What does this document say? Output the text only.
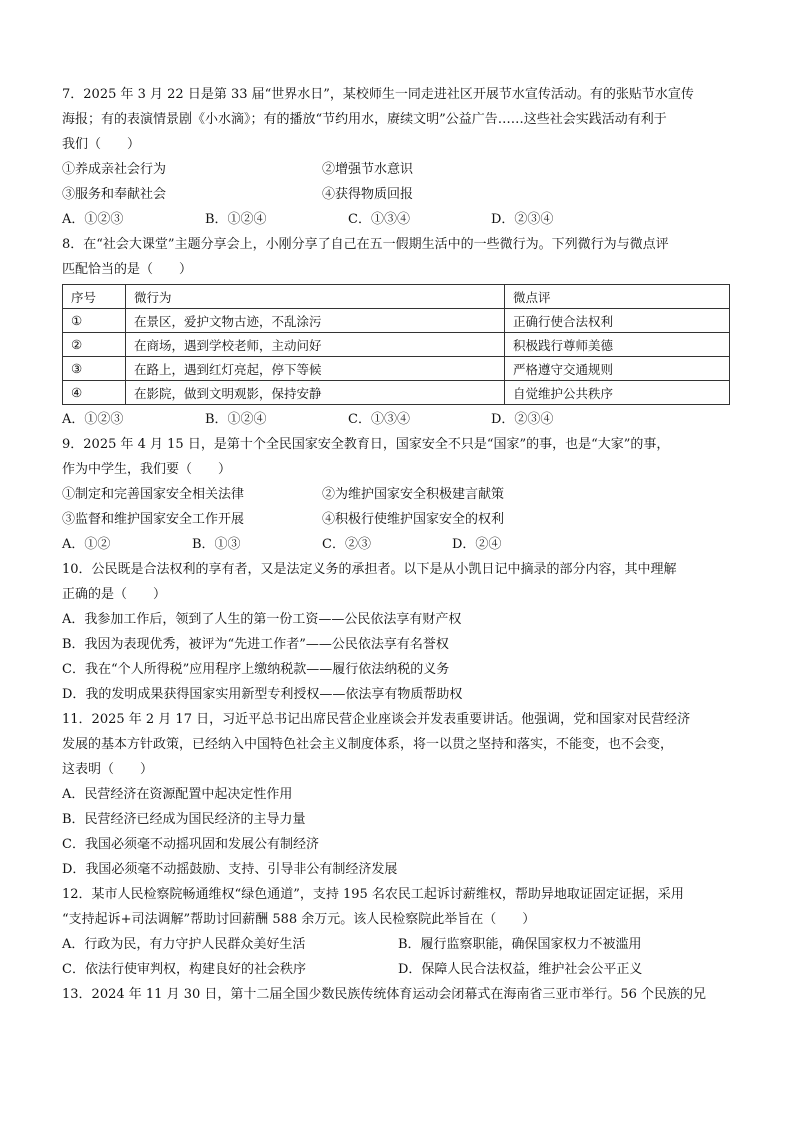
7．2025 年 3 月 22 日是第 33 届“世界水日”，某校师生一同走进社区开展节水宣传活动。有的张贴节水宣传
海报；有的表演情景剧《小水滴》；有的播放“节约用水，赓续文明”公益广告……这些社会实践活动有利于
我们（　　）
①养成亲社会行为	②增强节水意识
③服务和奉献社会	④获得物质回报
A．①②③	B．①②④	C．①③④	D．②③④
8．在“社会大课堂”主题分享会上，小刚分享了自己在五一假期生活中的一些微行为。下列微行为与微点评
匹配恰当的是（　　）
序号	微行为	微点评
①	在景区，爱护文物古迹，不乱涂污	正确行使合法权利
②	在商场，遇到学校老师，主动问好	积极践行尊师美德
③	在路上，遇到红灯亮起，停下等候	严格遵守交通规则
④	在影院，做到文明观影，保持安静	自觉维护公共秩序
A．①②③	B．①②④	C．①③④	D．②③④
9．2025 年 4 月 15 日，是第十个全民国家安全教育日，国家安全不只是“国家”的事，也是“大家”的事，
作为中学生，我们要（　　）
①制定和完善国家安全相关法律	②为维护国家安全积极建言献策
③监督和维护国家安全工作开展	④积极行使维护国家安全的权利
A．①②	B．①③	C．②③	D．②④
10．公民既是合法权利的享有者，又是法定义务的承担者。以下是从小凯日记中摘录的部分内容，其中理解
正确的是（　　）
A．我参加工作后，领到了人生的第一份工资——公民依法享有财产权
B．我因为表现优秀，被评为“先进工作者”——公民依法享有名誉权
C．我在“个人所得税”应用程序上缴纳税款——履行依法纳税的义务
D．我的发明成果获得国家实用新型专利授权——依法享有物质帮助权
11．2025 年 2 月 17 日，习近平总书记出席民营企业座谈会并发表重要讲话。他强调，党和国家对民营经济
发展的基本方针政策，已经纳入中国特色社会主义制度体系，将一以贯之坚持和落实，不能变，也不会变，
这表明（　　）
A．民营经济在资源配置中起决定性作用
B．民营经济已经成为国民经济的主导力量
C．我国必须毫不动摇巩固和发展公有制经济
D．我国必须毫不动摇鼓励、支持、引导非公有制经济发展
12．某市人民检察院畅通维权“绿色通道”，支持 195 名农民工起诉讨薪维权，帮助异地取证固定证据，采用
“支持起诉+司法调解”帮助讨回薪酬 588 余万元。该人民检察院此举旨在（　　）
A．行政为民，有力守护人民群众美好生活	B．履行监察职能，确保国家权力不被滥用
C．依法行使审判权，构建良好的社会秩序	D．保障人民合法权益，维护社会公平正义
13．2024 年 11 月 30 日，第十二届全国少数民族传统体育运动会闭幕式在海南省三亚市举行。56 个民族的兄
